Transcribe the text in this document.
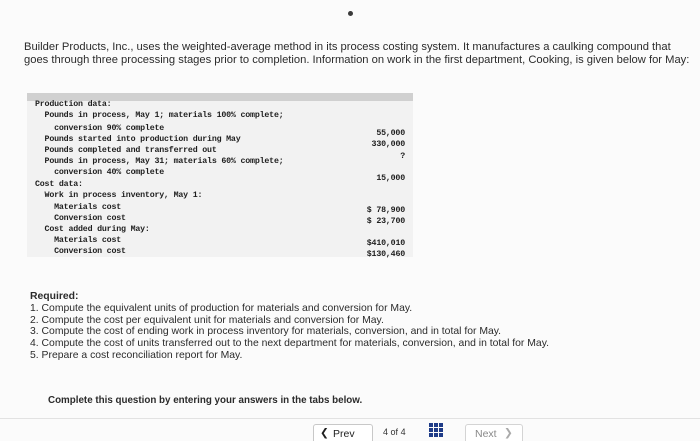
Builder Products, Inc., uses the weighted-average method in its process costing system. It manufactures a caulking compound that goes through three processing stages prior to completion. Information on work in the first department, Cooking, is given below for May:

Production data:
Pounds in process, May 1; materials 100% complete;
conversion 90% complete
Pounds started into production during May
Pounds completed and transferred out
Pounds in process, May 31; materials 60% complete;
conversion 40% complete
Cost data:
Work in process inventory, May 1:
Materials cost
Conversion cost
Cost added during May:
Materials cost
Conversion cost
55,000
330,000
?
15,000
$ 78,900
$ 23,700
$410,010
$130,460
Required:
1. Compute the equivalent units of production for materials and conversion for May.
2. Compute the cost per equivalent unit for materials and conversion for May.
3. Compute the cost of ending work in process inventory for materials, conversion, and in total for May.
4. Compute the cost of units transferred out to the next department for materials, conversion, and in total for May.
5. Prepare a cost reconciliation report for May.
Complete this question by entering your answers in the tabs below.
❮ Prev	4 of 4	Next ❯
